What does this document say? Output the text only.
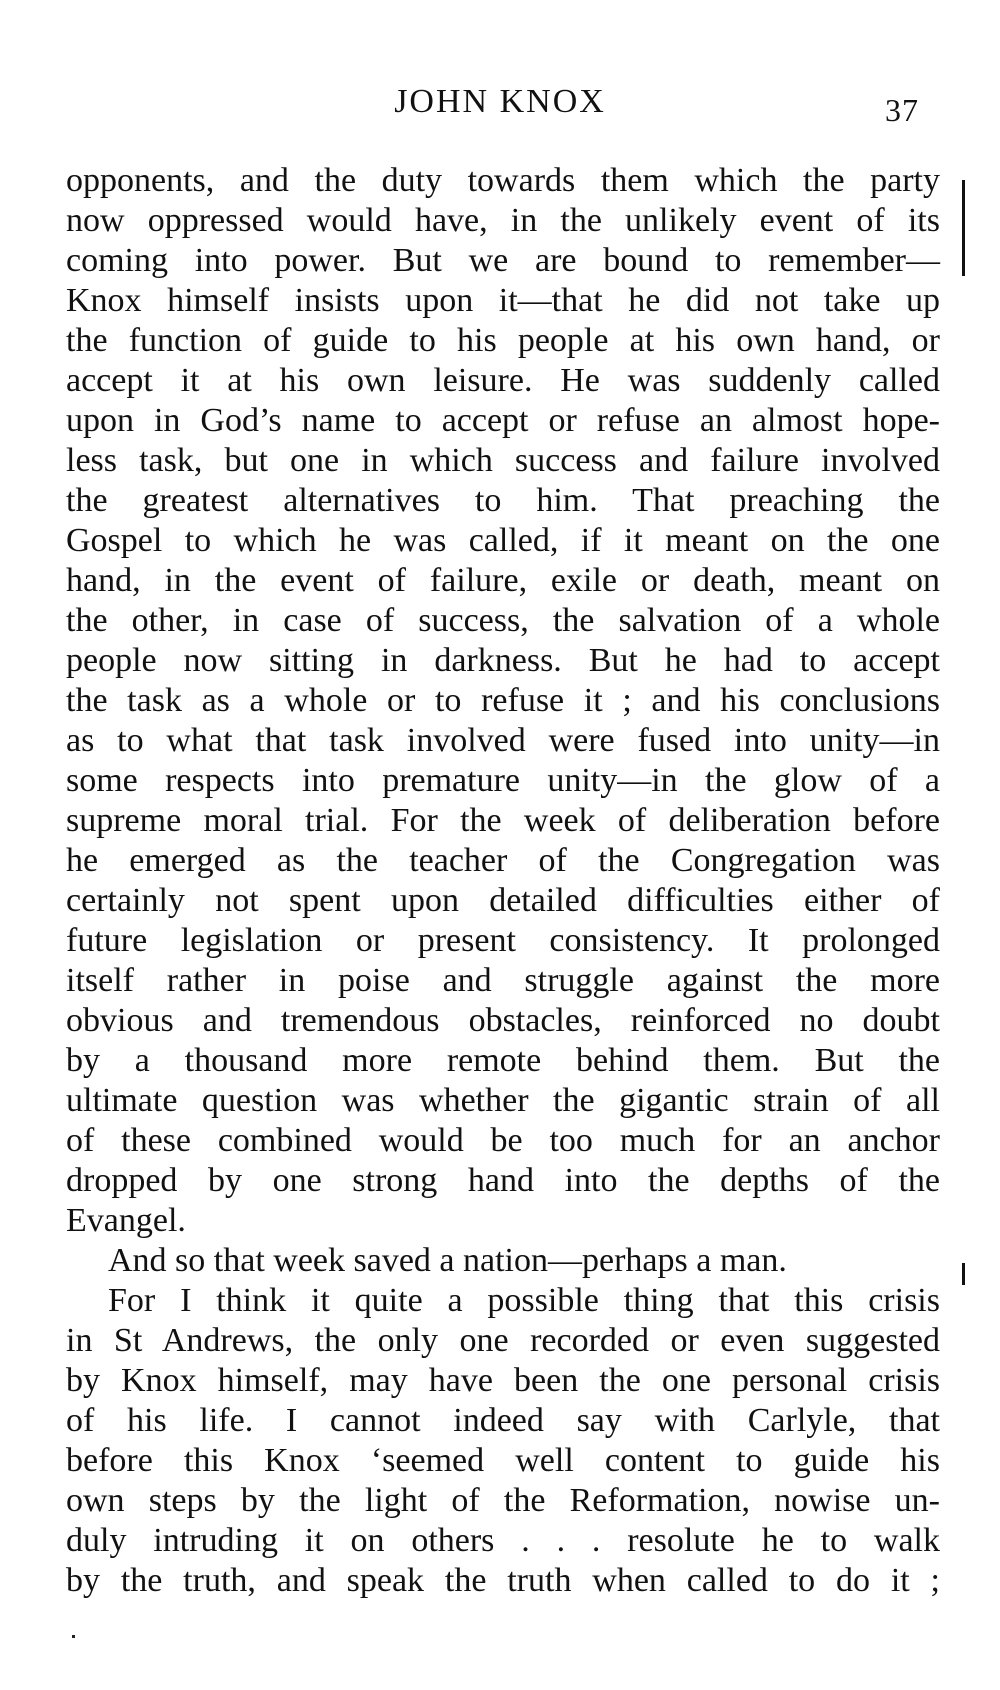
JOHN KNOX	37
opponents, and the duty towards them which the party
now oppressed would have, in the unlikely event of its
coming into power. But we are bound to remember—
Knox himself insists upon it—that he did not take up
the function of guide to his people at his own hand, or
accept it at his own leisure. He was suddenly called
upon in God’s name to accept or refuse an almost hope-
less task, but one in which success and failure involved
the greatest alternatives to him. That preaching the
Gospel to which he was called, if it meant on the one
hand, in the event of failure, exile or death, meant on
the other, in case of success, the salvation of a whole
people now sitting in darkness. But he had to accept
the task as a whole or to refuse it ; and his conclusions
as to what that task involved were fused into unity—in
some respects into premature unity—in the glow of a
supreme moral trial. For the week of deliberation before
he emerged as the teacher of the Congregation was
certainly not spent upon detailed difficulties either of
future legislation or present consistency. It prolonged
itself rather in poise and struggle against the more
obvious and tremendous obstacles, reinforced no doubt
by a thousand more remote behind them. But the
ultimate question was whether the gigantic strain of all
of these combined would be too much for an anchor
dropped by one strong hand into the depths of the
Evangel.
And so that week saved a nation—perhaps a man.
For I think it quite a possible thing that this crisis
in St Andrews, the only one recorded or even suggested
by Knox himself, may have been the one personal crisis
of his life. I cannot indeed say with Carlyle, that
before this Knox ‘seemed well content to guide his
own steps by the light of the Reformation, nowise un-
duly intruding it on others . . . resolute he to walk
by the truth, and speak the truth when called to do it ;
